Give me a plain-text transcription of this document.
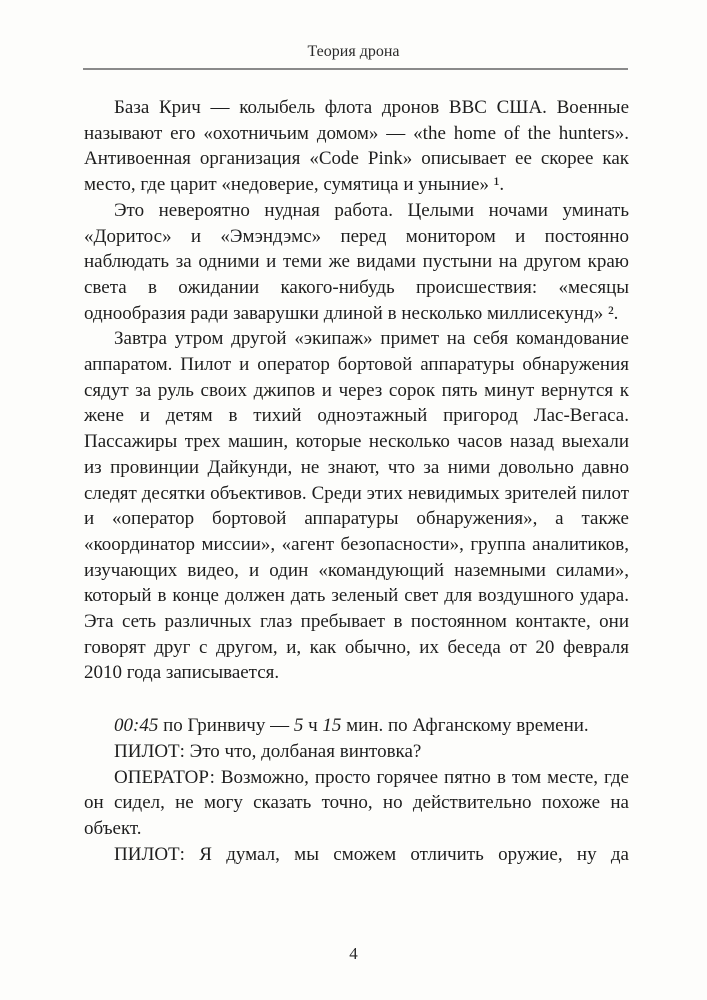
Теория дрона

База Крич — колыбель флота дронов ВВС США. Военные называют его «охотничьим домом» — «the home of the hunters». Антивоенная организация «Code Pink» описывает ее скорее как место, где царит «недоверие, сумятица и уныние» ¹.

Это невероятно нудная работа. Целыми ночами уминать «Доритос» и «Эмэндэмс» перед монитором и постоянно наблюдать за одними и теми же видами пустыни на другом краю света в ожидании какого-нибудь происшествия: «месяцы однообразия ради заварушки длиной в несколько миллисекунд» ².

Завтра утром другой «экипаж» примет на себя командование аппаратом. Пилот и оператор бортовой аппаратуры обнаружения сядут за руль своих джипов и через сорок пять минут вернутся к жене и детям в тихий одноэтажный пригород Лас-Вегаса. Пассажиры трех машин, которые несколько часов назад выехали из провинции Дайкунди, не знают, что за ними довольно давно следят десятки объективов. Среди этих невидимых зрителей пилот и «оператор бортовой аппаратуры обнаружения», а также «координатор миссии», «агент безопасности», группа аналитиков, изучающих видео, и один «командующий наземными силами», который в конце должен дать зеленый свет для воздушного удара. Эта сеть различных глаз пребывает в постоянном контакте, они говорят друг с другом, и, как обычно, их беседа от 20 февраля 2010 года записывается.

00:45 по Гринвичу — 5 ч 15 мин. по Афганскому времени.

ПИЛОТ: Это что, долбаная винтовка?

ОПЕРАТОР: Возможно, просто горячее пятно в том месте, где он сидел, не могу сказать точно, но действительно похоже на объект.

ПИЛОТ: Я думал, мы сможем отличить оружие, ну да

4
